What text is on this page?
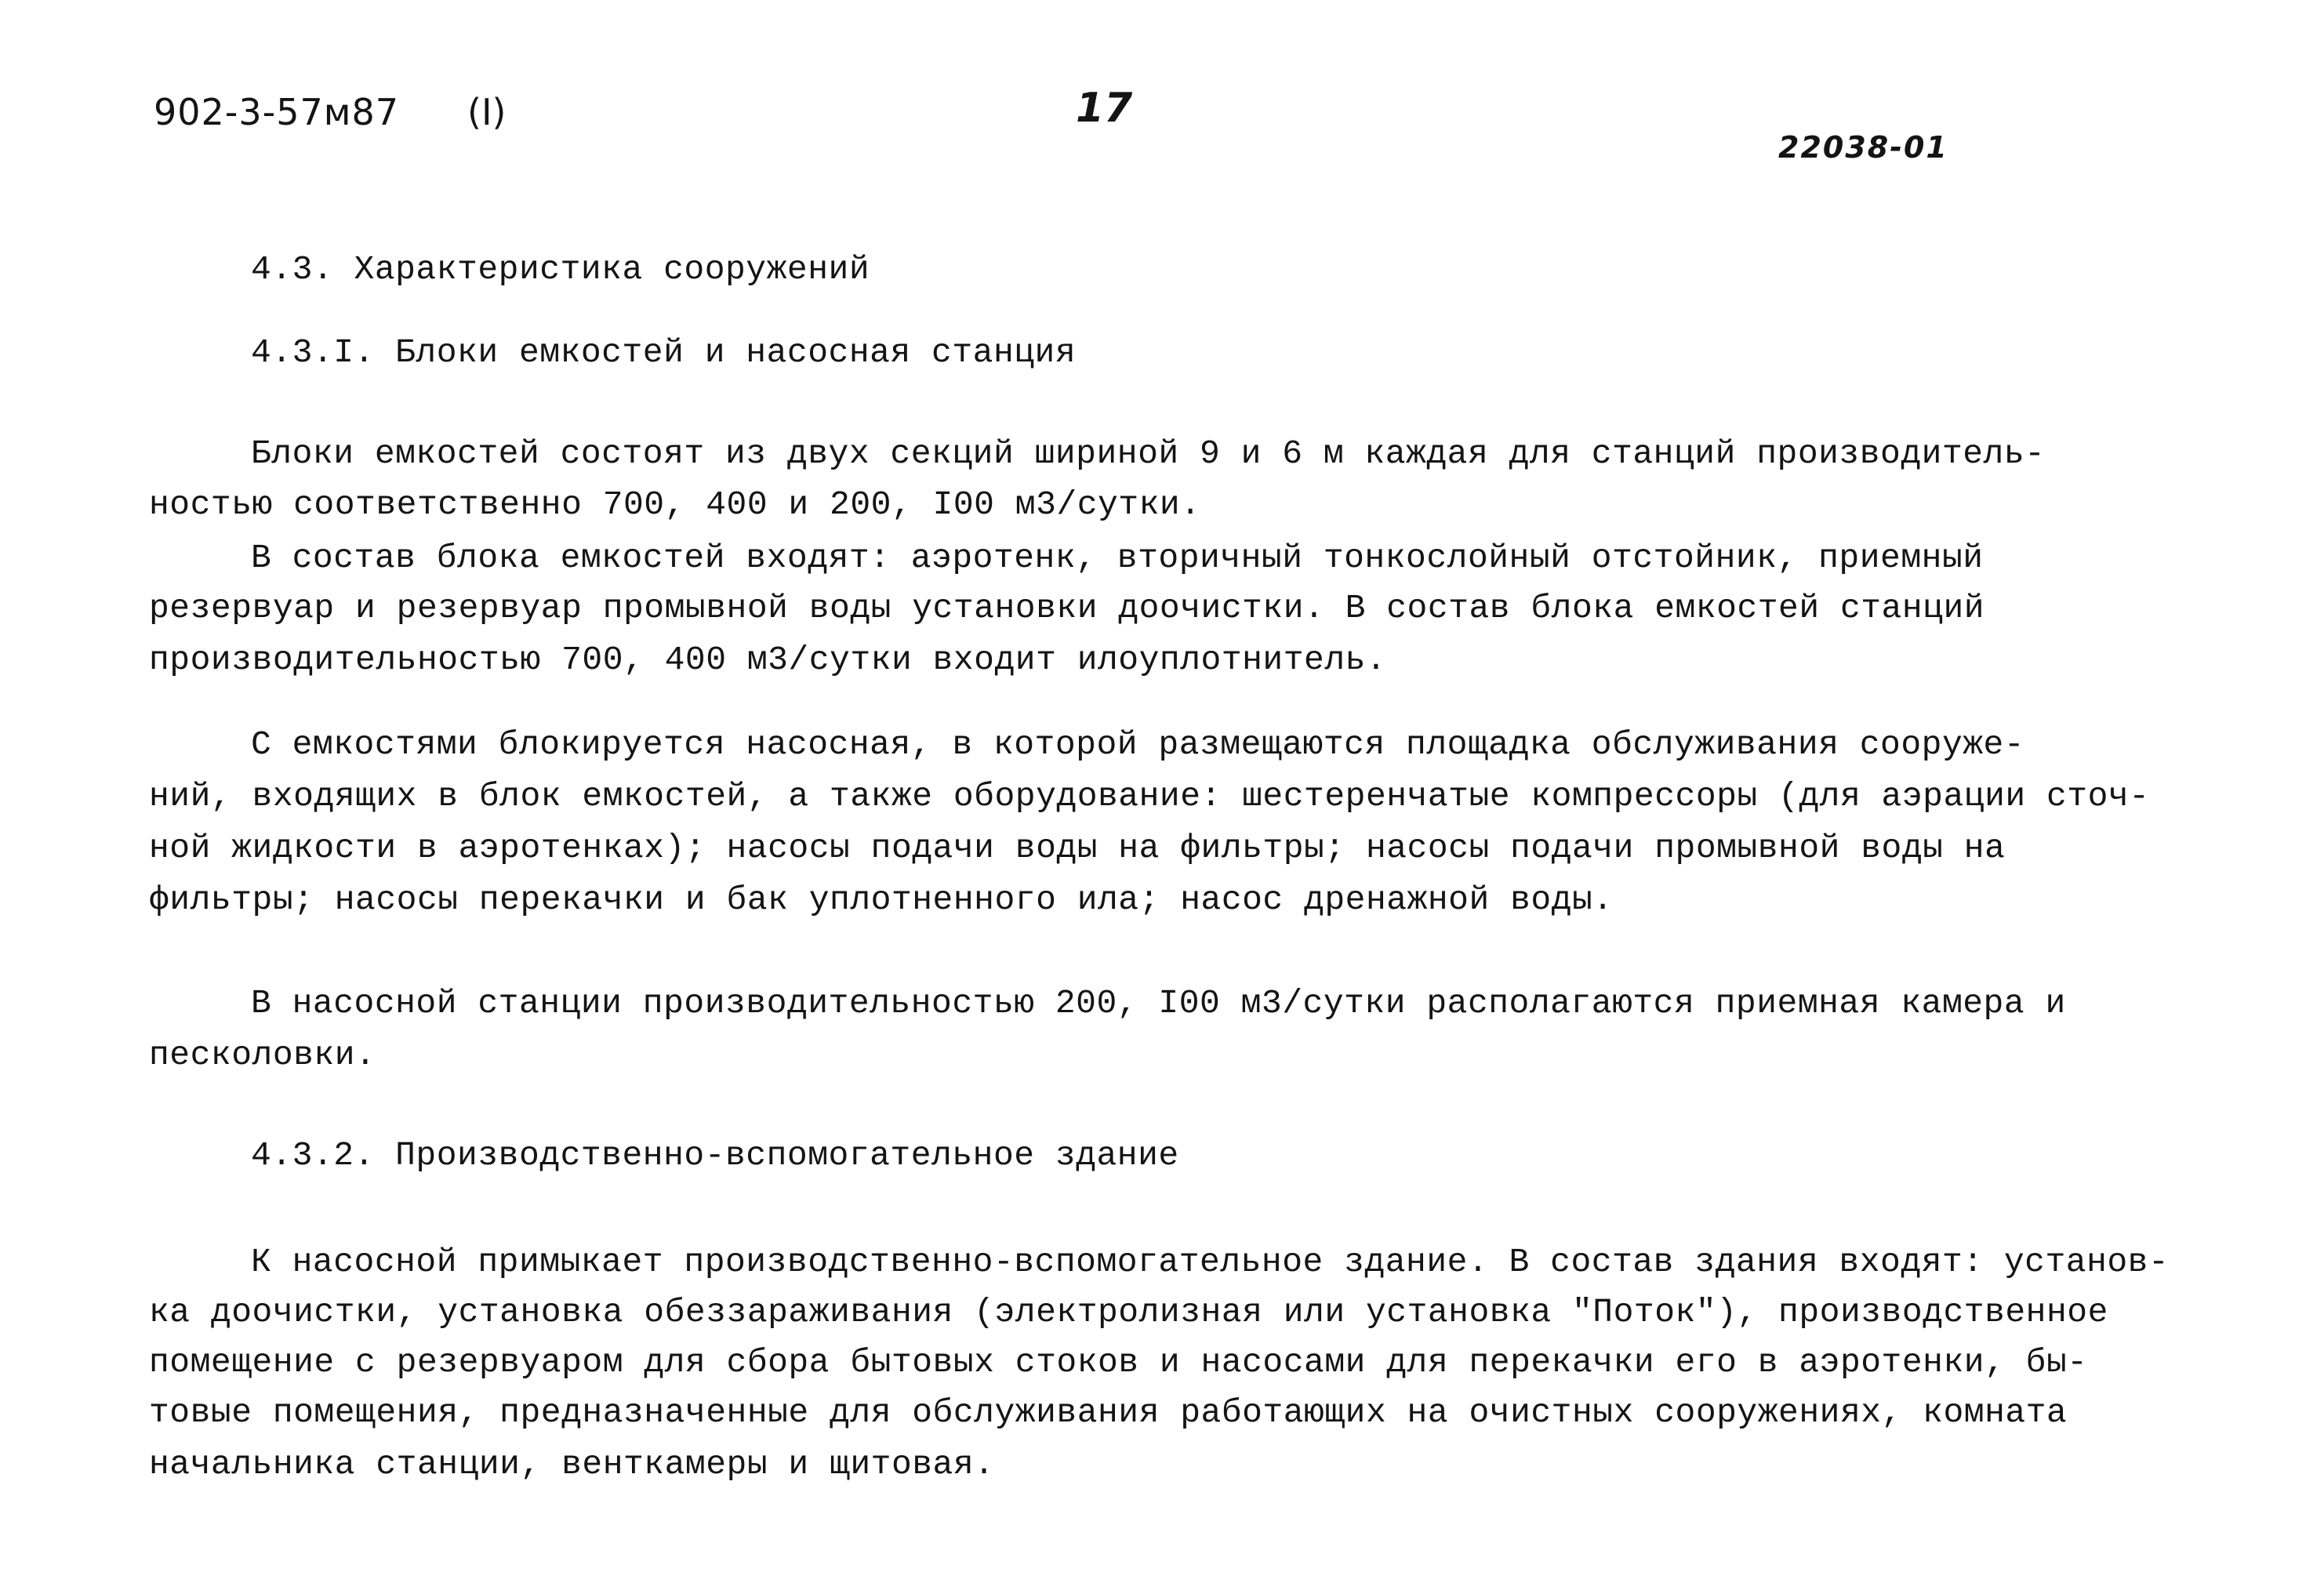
902-3-57м87 (I)	17
22038-01
4.3. Характеристика сооружений
4.3.I. Блоки емкостей и насосная станция
Блоки емкостей состоят из двух секций шириной 9 и 6 м каждая для станций производитель-
ностью соответственно 700, 400 и 200, I00 м3/сутки.
В состав блока емкостей входят: аэротенк, вторичный тонкослойный отстойник, приемный
резервуар и резервуар промывной воды установки доочистки. В состав блока емкостей станций
производительностью 700, 400 м3/сутки входит илоуплотнитель.
С емкостями блокируется насосная, в которой размещаются площадка обслуживания сооруже-
ний, входящих в блок емкостей, а также оборудование: шестеренчатые компрессоры (для аэрации сточ-
ной жидкости в аэротенках); насосы подачи воды на фильтры; насосы подачи промывной воды на
фильтры; насосы перекачки и бак уплотненного ила; насос дренажной воды.
В насосной станции производительностью 200, I00 м3/сутки располагаются приемная камера и
песколовки.
4.3.2. Производственно-вспомогательное здание
К насосной примыкает производственно-вспомогательное здание. В состав здания входят: установ-
ка доочистки, установка обеззараживания (электролизная или установка "Поток"), производственное
помещение с резервуаром для сбора бытовых стоков и насосами для перекачки его в аэротенки, бы-
товые помещения, предназначенные для обслуживания работающих на очистных сооружениях, комната
начальника станции, венткамеры и щитовая.
